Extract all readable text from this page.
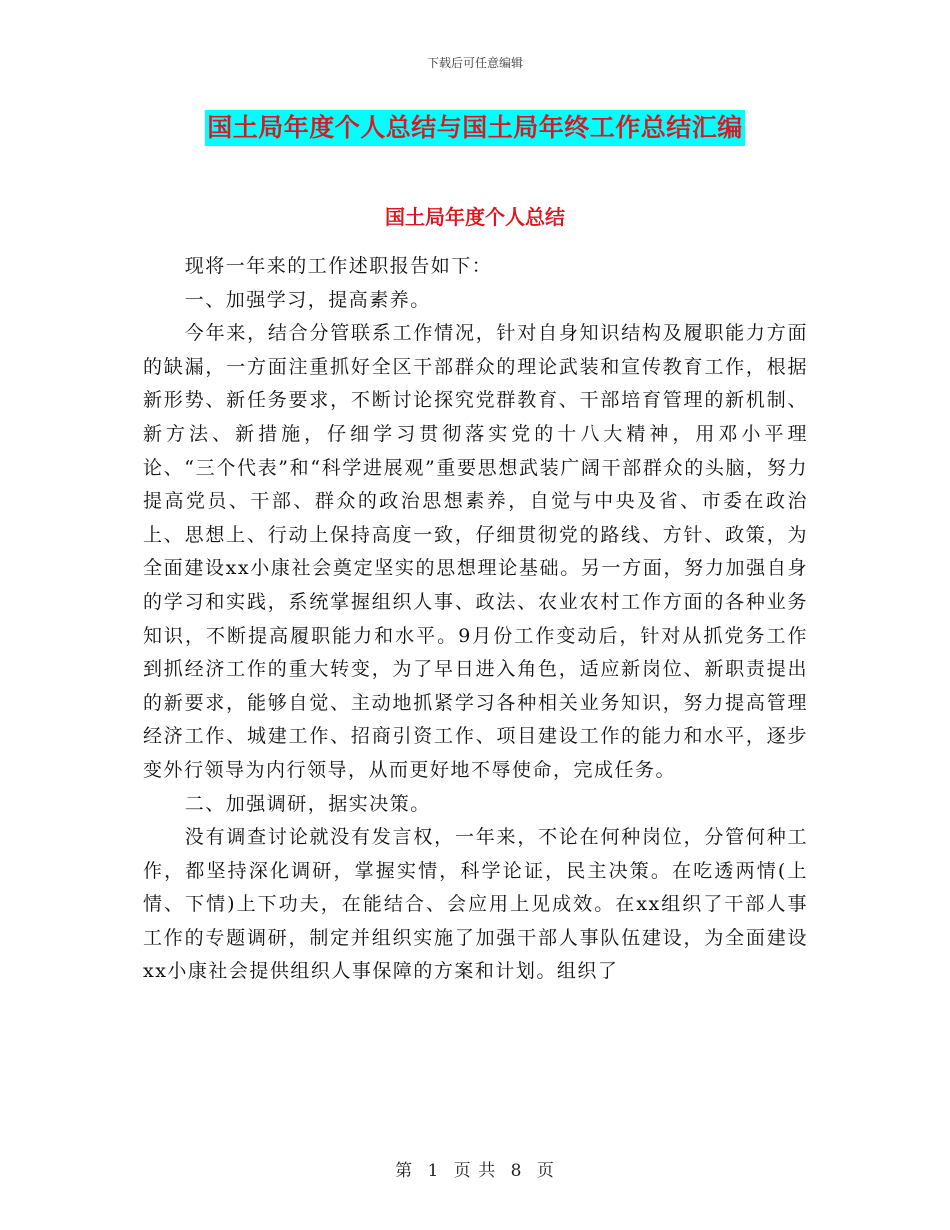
下载后可任意编辑
国土局年度个人总结与国土局年终工作总结汇编
国土局年度个人总结

现将一年来的工作述职报告如下：

一、加强学习，提高素养。

今年来，结合分管联系工作情况，针对自身知识结构及履职能力方面的缺漏，一方面注重抓好全区干部群众的理论武装和宣传教育工作，根据新形势、新任务要求，不断讨论探究党群教育、干部培育管理的新机制、新方法、新措施，仔细学习贯彻落实党的十八大精神，用邓小平理论、“三个代表”和“科学进展观”重要思想武装广阔干部群众的头脑，努力提高党员、干部、群众的政治思想素养，自觉与中央及省、市委在政治上、思想上、行动上保持高度一致，仔细贯彻党的路线、方针、政策，为全面建设xx小康社会奠定坚实的思想理论基础。另一方面，努力加强自身的学习和实践，系统掌握组织人事、政法、农业农村工作方面的各种业务知识，不断提高履职能力和水平。9月份工作变动后，针对从抓党务工作到抓经济工作的重大转变，为了早日进入角色，适应新岗位、新职责提出的新要求，能够自觉、主动地抓紧学习各种相关业务知识，努力提高管理经济工作、城建工作、招商引资工作、项目建设工作的能力和水平，逐步变外行领导为内行领导，从而更好地不辱使命，完成任务。

二、加强调研，据实决策。

没有调查讨论就没有发言权，一年来，不论在何种岗位，分管何种工作，都坚持深化调研，掌握实情，科学论证，民主决策。在吃透两情(上情、下情)上下功夫，在能结合、会应用上见成效。在xx组织了干部人事工作的专题调研，制定并组织实施了加强干部人事队伍建设，为全面建设xx小康社会提供组织人事保障的方案和计划。组织了

第 1 页 共 8 页
